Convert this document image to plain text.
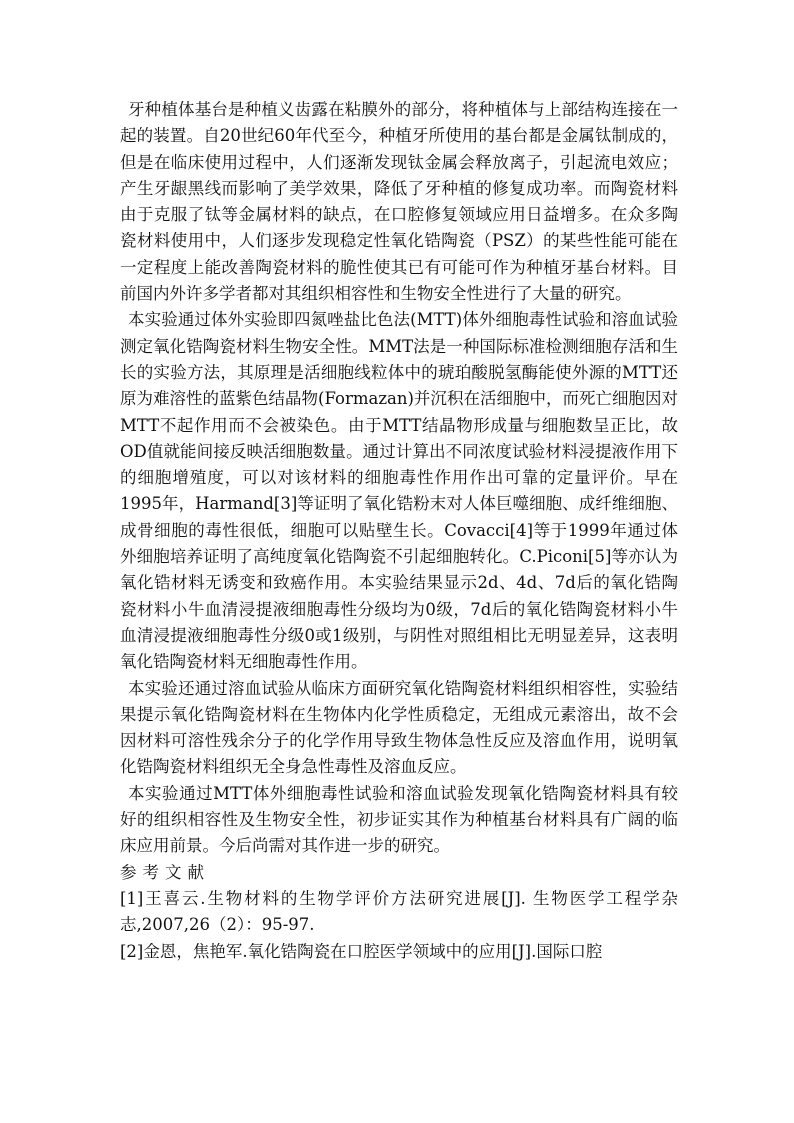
牙种植体基台是种植义齿露在粘膜外的部分，将种植体与上部结构连接在一起的装置。自20世纪60年代至今，种植牙所使用的基台都是金属钛制成的，但是在临床使用过程中，人们逐渐发现钛金属会释放离子，引起流电效应；产生牙龈黑线而影响了美学效果，降低了牙种植的修复成功率。而陶瓷材料由于克服了钛等金属材料的缺点，在口腔修复领域应用日益增多。在众多陶瓷材料使用中，人们逐步发现稳定性氧化锆陶瓷（PSZ）的某些性能可能在一定程度上能改善陶瓷材料的脆性使其已有可能可作为种植牙基台材料。目前国内外许多学者都对其组织相容性和生物安全性进行了大量的研究。

本实验通过体外实验即四氮唑盐比色法(MTT)体外细胞毒性试验和溶血试验测定氧化锆陶瓷材料生物安全性。MMT法是一种国际标准检测细胞存活和生长的实验方法，其原理是活细胞线粒体中的琥珀酸脱氢酶能使外源的MTT还原为难溶性的蓝紫色结晶物(Formazan)并沉积在活细胞中，而死亡细胞因对MTT不起作用而不会被染色。由于MTT结晶物形成量与细胞数呈正比，故OD值就能间接反映活细胞数量。通过计算出不同浓度试验材料浸提液作用下的细胞增殖度，可以对该材料的细胞毒性作用作出可靠的定量评价。早在1995年，Harmand[3]等证明了氧化锆粉末对人体巨噬细胞、成纤维细胞、成骨细胞的毒性很低，细胞可以贴壁生长。Covacci[4]等于1999年通过体外细胞培养证明了高纯度氧化锆陶瓷不引起细胞转化。C.Piconi[5]等亦认为氧化锆材料无诱变和致癌作用。本实验结果显示2d、4d、7d后的氧化锆陶瓷材料小牛血清浸提液细胞毒性分级均为0级，7d后的氧化锆陶瓷材料小牛血清浸提液细胞毒性分级0或1级别，与阴性对照组相比无明显差异，这表明氧化锆陶瓷材料无细胞毒性作用。

本实验还通过溶血试验从临床方面研究氧化锆陶瓷材料组织相容性，实验结果提示氧化锆陶瓷材料在生物体内化学性质稳定，无组成元素溶出，故不会因材料可溶性残余分子的化学作用导致生物体急性反应及溶血作用，说明氧化锆陶瓷材料组织无全身急性毒性及溶血反应。

本实验通过MTT体外细胞毒性试验和溶血试验发现氧化锆陶瓷材料具有较好的组织相容性及生物安全性，初步证实其作为种植基台材料具有广阔的临床应用前景。今后尚需对其作进一步的研究。

参考文献

[1]王喜云.生物材料的生物学评价方法研究进展[J]. 生物医学工程学杂志,2007,26（2）：95-97.

[2]金恩，焦艳军.氧化锆陶瓷在口腔医学领域中的应用[J].国际口腔
